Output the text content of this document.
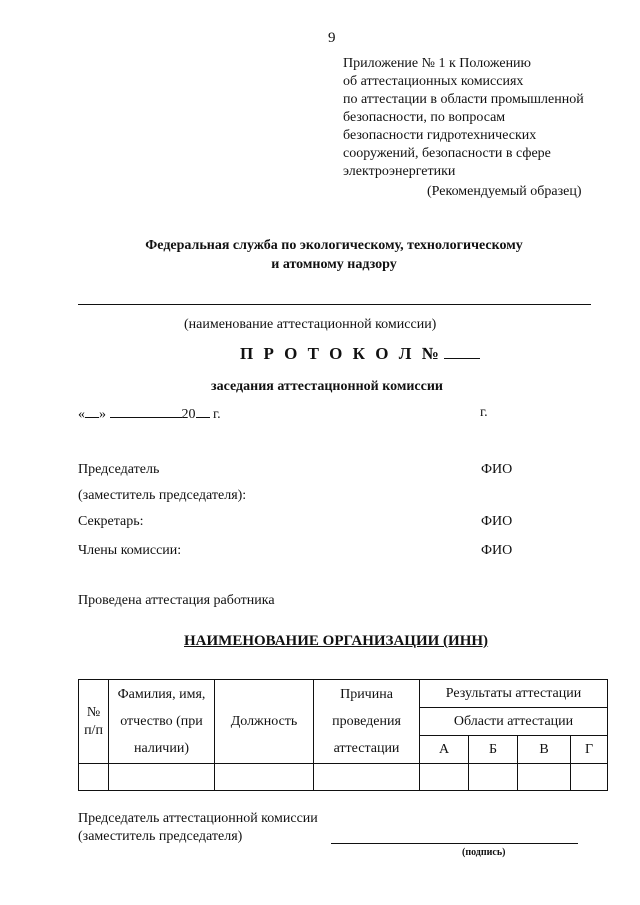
9
Приложение № 1 к Положению
об аттестационных комиссиях
по аттестации в области промышленной
безопасности, по вопросам
безопасности гидротехнических
сооружений, безопасности в сфере
электроэнергетики
(Рекомендуемый образец)
Федеральная служба по экологическому, технологическому
и атомному надзору
(наименование аттестационной комиссии)
П Р О Т О К О Л №
заседания аттестацнонной комиссии
« »	20 г.	г.
Председатель	ФИО
(заместитель председателя):
Секретарь:	ФИО
Члены комиссии:	ФИО
Проведена аттестация работника
НАИМЕНОВАНИЕ ОРГАНИЗАЦИИ (ИНН)
№ п/п	Фамилия, имя, отчество (при наличии)	Должность	Причина проведения аттестации	Результаты аттестации			
				Области аттестации			
				А	Б	В	Г

Председатель аттестационной комиссии
(заместитель председателя)
(подпись)
